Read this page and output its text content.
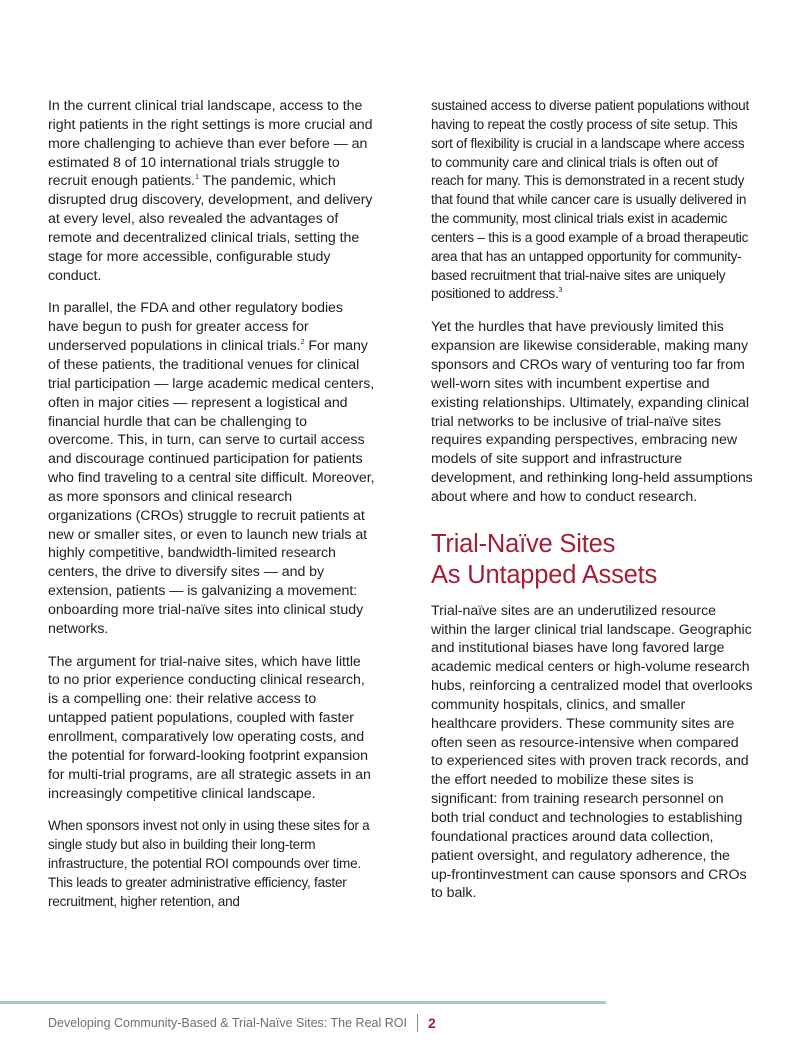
In the current clinical trial landscape, access to the right patients in the right settings is more crucial and more challenging to achieve than ever before — an estimated 8 of 10 international trials struggle to recruit enough patients.$^1$ The pandemic, which disrupted drug discovery, development, and delivery at every level, also revealed the advantages of remote and decentralized clinical trials, setting the stage for more accessible, configurable study conduct.

In parallel, the FDA and other regulatory bodies have begun to push for greater access for underserved populations in clinical trials.$^2$ For many of these patients, the traditional venues for clinical trial participation — large academic medical centers, often in major cities — represent a logistical and financial hurdle that can be challenging to overcome. This, in turn, can serve to curtail access and discourage continued participation for patients who find traveling to a central site difficult. Moreover, as more sponsors and clinical research organizations (CROs) struggle to recruit patients at new or smaller sites, or even to launch new trials at highly competitive, bandwidth-limited research centers, the drive to diversify sites — and by extension, patients — is galvanizing a movement: onboarding more trial-naïve sites into clinical study networks.

The argument for trial-naive sites, which have little to no prior experience conducting clinical research, is a compelling one: their relative access to untapped patient populations, coupled with faster enrollment, comparatively low operating costs, and the potential for forward-looking footprint expansion for multi-trial programs, are all strategic assets in an increasingly competitive clinical landscape.

When sponsors invest not only in using these sites for a single study but also in building their long-term infrastructure, the potential ROI compounds over time. This leads to greater administrative efficiency, faster recruitment, higher retention, and

sustained access to diverse patient populations without having to repeat the costly process of site setup. This sort of flexibility is crucial in a landscape where access to community care and clinical trials is often out of reach for many. This is demonstrated in a recent study that found that while cancer care is usually delivered in the community, most clinical trials exist in academic centers – this is a good example of a broad therapeutic area that has an untapped opportunity for community-based recruitment that trial-naive sites are uniquely positioned to address.$^3$

Yet the hurdles that have previously limited this expansion are likewise considerable, making many sponsors and CROs wary of venturing too far from well-worn sites with incumbent expertise and existing relationships. Ultimately, expanding clinical trial networks to be inclusive of trial-naïve sites requires expanding perspectives, embracing new models of site support and infrastructure development, and rethinking long-held assumptions about where and how to conduct research.

Trial-Naïve Sites
As Untapped Assets

Trial-naïve sites are an underutilized resource within the larger clinical trial landscape. Geographic and institutional biases have long favored large academic medical centers or high-volume research hubs, reinforcing a centralized model that overlooks community hospitals, clinics, and smaller healthcare providers. These community sites are often seen as resource-intensive when compared to experienced sites with proven track records, and the effort needed to mobilize these sites is significant: from training research personnel on both trial conduct and technologies to establishing foundational practices around data collection, patient oversight, and regulatory adherence, the up-frontinvestment can cause sponsors and CROs to balk.

Developing Community-Based & Trial-Naïve Sites: The Real ROI 2
